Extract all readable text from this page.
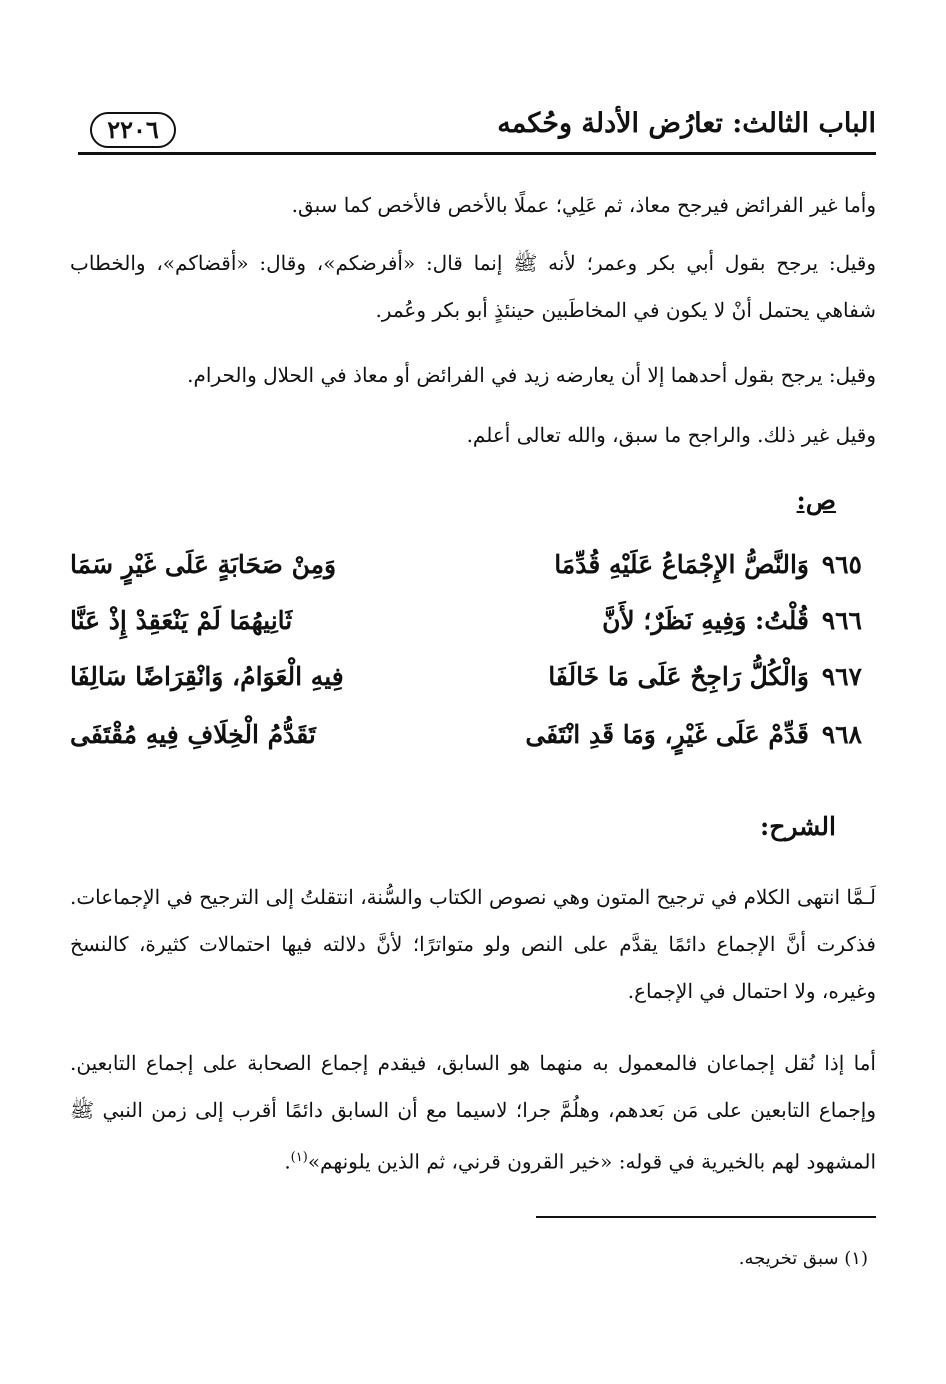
الباب الثالث: تعارُض الأدلة وحُكمه
٢٢٠٦
وأما غير الفرائض فيرجح معاذ، ثم عَلِي؛ عملًا بالأخص فالأخص كما سبق.
وقيل: يرجح بقول أبي بكر وعمر؛ لأنه ﷺ إنما قال: «أفرضكم»، وقال: «أقضاكم»، والخطاب شفاهي يحتمل أنْ لا يكون في المخاطَبين حينئذٍ أبو بكر وعُمر.
وقيل: يرجح بقول أحدهما إلا أن يعارضه زيد في الفرائض أو معاذ في الحلال والحرام.
وقيل غير ذلك. والراجح ما سبق، والله تعالى أعلم.
ص:
٩٦٥ وَالنَّصُّ الإِجْمَاعُ عَلَيْهِ قُدِّمَا
وَمِنْ صَحَابَةٍ عَلَى غَيْرٍ سَمَا
٩٦٦ قُلْتُ: وَفِيهِ نَظَرٌ؛ لأَنَّ
ثَانِيهُمَا لَمْ يَنْعَقِدْ إِذْ عَنَّا
٩٦٧ وَالْكُلُّ رَاجِحٌ عَلَى مَا خَالَفَا
فِيهِ الْعَوَامُ، وَانْقِرَاضًا سَالِفَا
٩٦٨ قَدِّمْ عَلَى غَيْرٍ، وَمَا قَدِ انْتَفَى
تَقَدُّمُ الْخِلَافِ فِيهِ مُقْتَفَى
الشرح:
لَـمَّا انتهى الكلام في ترجيح المتون وهي نصوص الكتاب والسُّنة، انتقلتُ إلى الترجيح في الإجماعات. فذكرت أنَّ الإجماع دائمًا يقدَّم على النص ولو متواترًا؛ لأنَّ دلالته فيها احتمالات كثيرة، كالنسخ وغيره، ولا احتمال في الإجماع.
أما إذا نُقل إجماعان فالمعمول به منهما هو السابق، فيقدم إجماع الصحابة على إجماع التابعين. وإجماع التابعين على مَن بَعدهم، وهلُمَّ جرا؛ لاسيما مع أن السابق دائمًا أقرب إلى زمن النبي ﷺ المشهود لهم بالخيرية في قوله: «خير القرون قرني، ثم الذين يلونهم»$^{(١)}$.
(١) سبق تخريجه.
